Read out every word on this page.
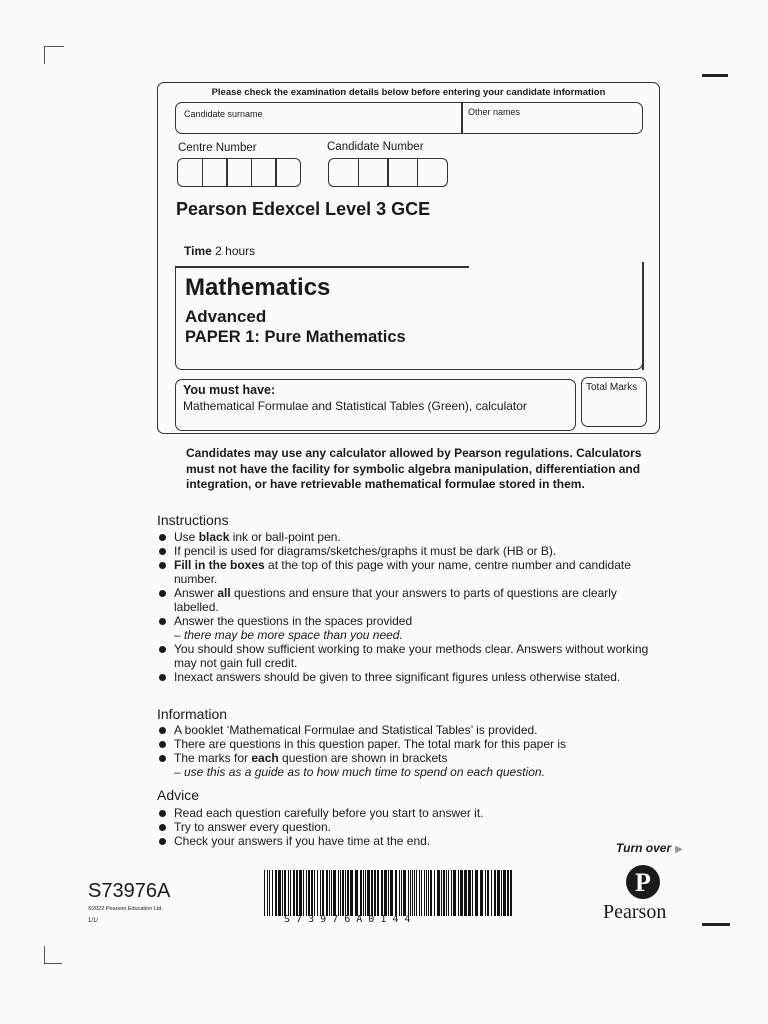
Please check the examination details below before entering your candidate information
Candidate surname	Other names
Centre Number	Candidate Number
Pearson Edexcel Level 3 GCE
Time 2 hours
Mathematics
Advanced
PAPER 1: Pure Mathematics
You must have:
Mathematical Formulae and Statistical Tables (Green), calculator
Total Marks
Candidates may use any calculator allowed by Pearson regulations. Calculators must not have the facility for symbolic algebra manipulation, differentiation and integration, or have retrievable mathematical formulae stored in them.
Instructions
Use black ink or ball-point pen.
If pencil is used for diagrams/sketches/graphs it must be dark (HB or B).
Fill in the boxes at the top of this page with your name, centre number and candidate number.
Answer all questions and ensure that your answers to parts of questions are clearly labelled.
Answer the questions in the spaces provided
– there may be more space than you need.
You should show sufficient working to make your methods clear. Answers without working may not gain full credit.
Inexact answers should be given to three significant figures unless otherwise stated.
Information
A booklet ‘Mathematical Formulae and Statistical Tables’ is provided.
There are questions in this question paper. The total mark for this paper is
The marks for each question are shown in brackets
– use this as a guide as to how much time to spend on each question.
Advice
Read each question carefully before you start to answer it.
Try to answer every question.
Check your answers if you have time at the end.	Turn over ▶
S73976A
©2022 Pearson Education Ltd.
1/1/	S 7 3 9 7 6 A 0 1 4 4
P
Pearson
